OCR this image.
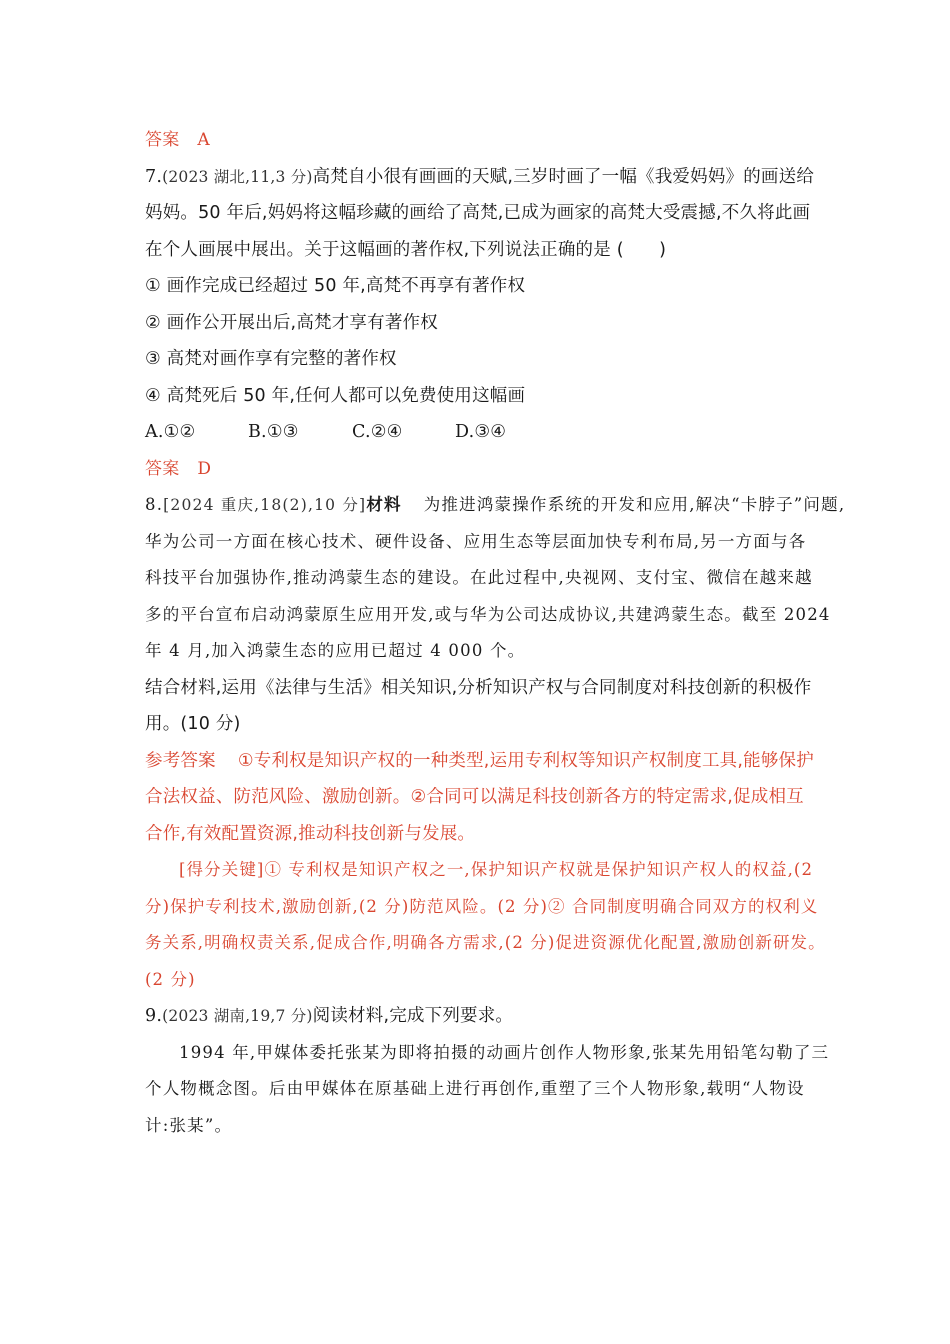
答案 A
7.(2023 湖北,11,3 分)高梵自小很有画画的天赋,三岁时画了一幅《我爱妈妈》的画送给
妈妈。50 年后,妈妈将这幅珍藏的画给了高梵,已成为画家的高梵大受震撼,不久将此画
在个人画展中展出。关于这幅画的著作权,下列说法正确的是 (　　)
① 画作完成已经超过 50 年,高梵不再享有著作权
② 画作公开展出后,高梵才享有著作权
③ 高梵对画作享有完整的著作权
④ 高梵死后 50 年,任何人都可以免费使用这幅画
A.①②	B.①③	C.②④	D.③④
答案 D
8.[2024 重庆,18(2),10 分]材料 为推进鸿蒙操作系统的开发和应用,解决“卡脖子”问题,
华为公司一方面在核心技术、硬件设备、应用生态等层面加快专利布局,另一方面与各
科技平台加强协作,推动鸿蒙生态的建设。在此过程中,央视网、支付宝、微信在越来越
多的平台宣布启动鸿蒙原生应用开发,或与华为公司达成协议,共建鸿蒙生态。截至 2024
年 4 月,加入鸿蒙生态的应用已超过 4 000 个。
结合材料,运用《法律与生活》相关知识,分析知识产权与合同制度对科技创新的积极作
用。(10 分)
参考答案 ①专利权是知识产权的一种类型,运用专利权等知识产权制度工具,能够保护
合法权益、防范风险、激励创新。②合同可以满足科技创新各方的特定需求,促成相互
合作,有效配置资源,推动科技创新与发展。
[得分关键]① 专利权是知识产权之一,保护知识产权就是保护知识产权人的权益,(2
分)保护专利技术,激励创新,(2 分)防范风险。(2 分)② 合同制度明确合同双方的权利义
务关系,明确权责关系,促成合作,明确各方需求,(2 分)促进资源优化配置,激励创新研发。
(2 分)
9.(2023 湖南,19,7 分)阅读材料,完成下列要求。
1994 年,甲媒体委托张某为即将拍摄的动画片创作人物形象,张某先用铅笔勾勒了三
个人物概念图。后由甲媒体在原基础上进行再创作,重塑了三个人物形象,载明“人物设
计:张某”。
